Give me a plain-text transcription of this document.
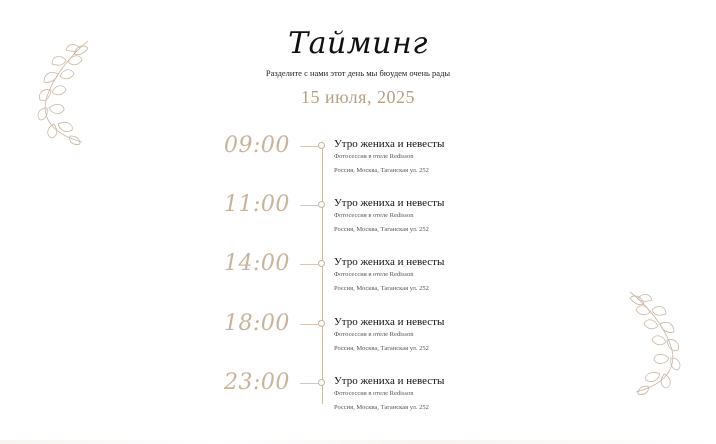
Тайминг
Разделите с нами этот день мы бюудем очень рады
15 июля, 2025
09:00	Утро жениха и невесты
Фотосессия в отеле Redisson
Россия, Москва, Таганская ул. 252
11:00	Утро жениха и невесты
Фотосессия в отеле Redisson
Россия, Москва, Таганская ул. 252
14:00	Утро жениха и невесты
Фотосессия в отеле Redisson
Россия, Москва, Таганская ул. 252
18:00	Утро жениха и невесты
Фотосессия в отеле Redisson
Россия, Москва, Таганская ул. 252
23:00	Утро жениха и невесты
Фотосессия в отеле Redisson
Россия, Москва, Таганская ул. 252
